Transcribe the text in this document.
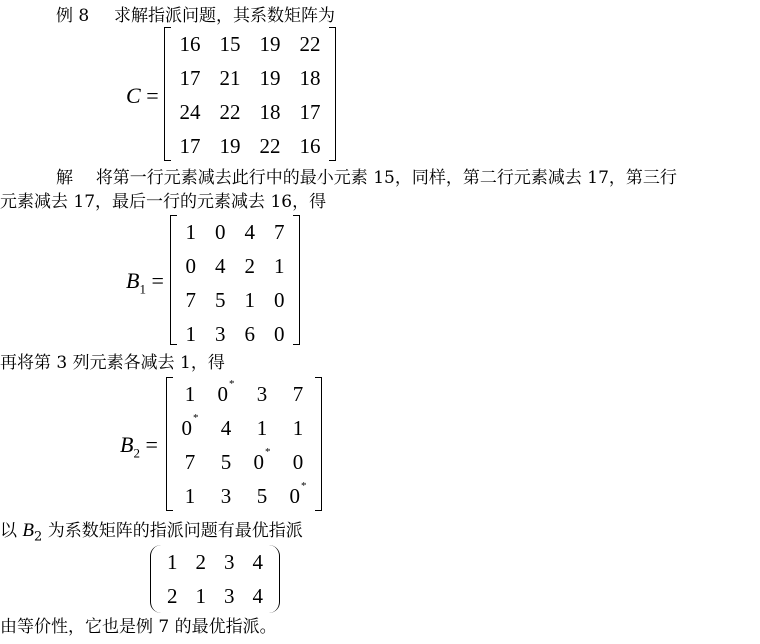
例 8 求解指派问题，其系数矩阵为
C =
16	15	19	22
17	21	19	18
24	22	18	17
17	19	22	16
解 将第一行元素减去此行中的最小元素 15，同样，第二行元素减去 17，第三行
元素减去 17，最后一行的元素减去 16，得
$B_1$ =
1	0	4	7
0	4	2	1
7	5	1	0
1	3	6	0
再将第 3 列元素各减去 1，得
$B_2$ =
1	0*	3	7
0*	4	1	1
7	5	0*	0
1	3	5	0*
以 $B_2$ 为系数矩阵的指派问题有最优指派
1	2	3	4
2	1	3	4
由等价性，它也是例 7 的最优指派。
